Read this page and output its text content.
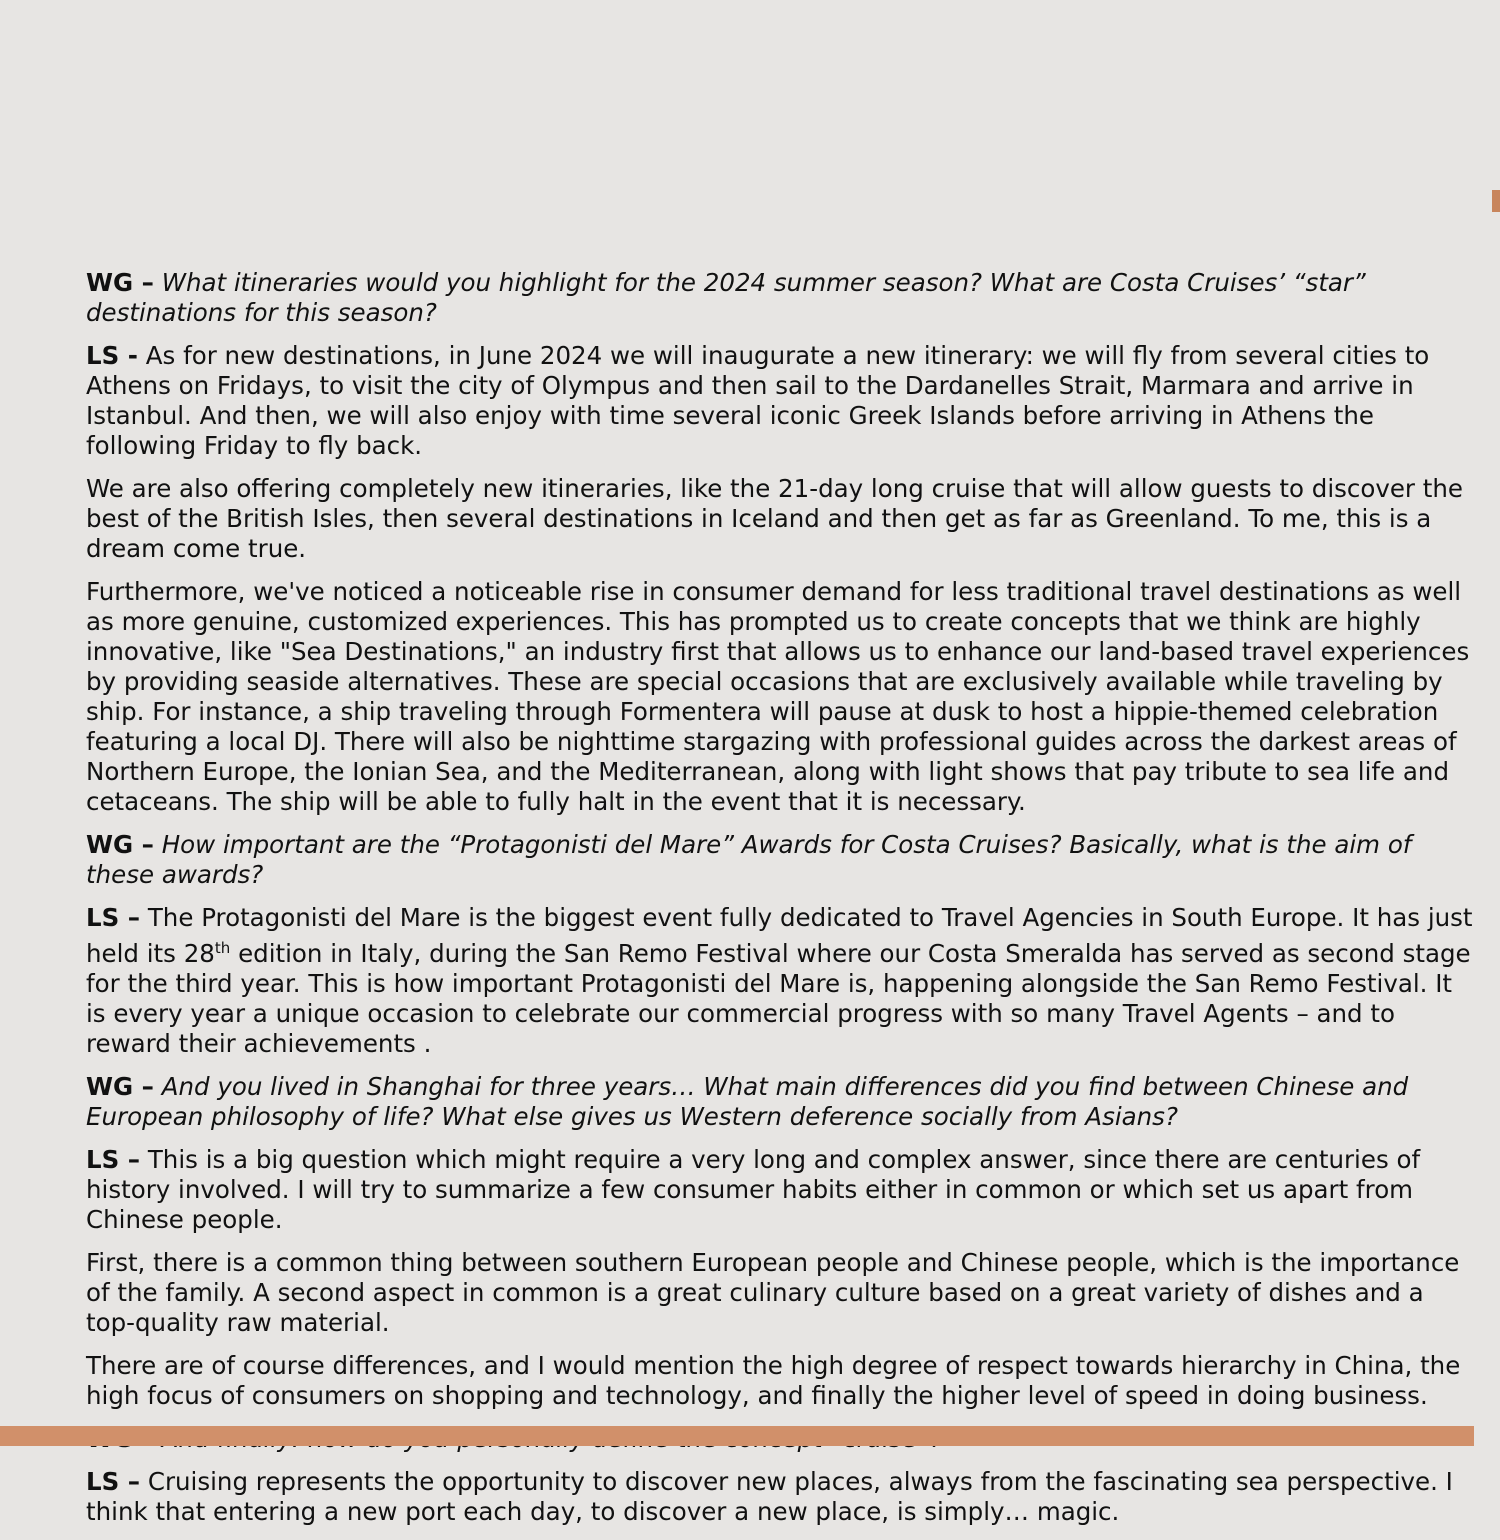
WG – What itineraries would you highlight for the 2024 summer season? What are Costa Cruises’ “star” destinations for this season?

LS - As for new destinations, in June 2024 we will inaugurate a new itinerary: we will fly from several cities to Athens on Fridays, to visit the city of Olympus and then sail to the Dardanelles Strait, Marmara and arrive in Istanbul. And then, we will also enjoy with time several iconic Greek Islands before arriving in Athens the following Friday to fly back.

We are also offering completely new itineraries, like the 21-day long cruise that will allow guests to discover the best of the British Isles, then several destinations in Iceland and then get as far as Greenland. To me, this is a dream come true.

Furthermore, we've noticed a noticeable rise in consumer demand for less traditional travel destinations as well as more genuine, customized experiences. This has prompted us to create concepts that we think are highly innovative, like "Sea Destinations," an industry first that allows us to enhance our land-based travel experiences by providing seaside alternatives. These are special occasions that are exclusively available while traveling by ship. For instance, a ship traveling through Formentera will pause at dusk to host a hippie-themed celebration featuring a local DJ. There will also be nighttime stargazing with professional guides across the darkest areas of Northern Europe, the Ionian Sea, and the Mediterranean, along with light shows that pay tribute to sea life and cetaceans. The ship will be able to fully halt in the event that it is necessary.

WG – How important are the “Protagonisti del Mare” Awards for Costa Cruises? Basically, what is the aim of these awards?

LS – The Protagonisti del Mare is the biggest event fully dedicated to Travel Agencies in South Europe. It has just held its 28th edition in Italy, during the San Remo Festival where our Costa Smeralda has served as second stage for the third year. This is how important Protagonisti del Mare is, happening alongside the San Remo Festival. It is every year a unique occasion to celebrate our commercial progress with so many Travel Agents – and to reward their achievements .

WG – And you lived in Shanghai for three years… What main differences did you find between Chinese and European philosophy of life? What else gives us Western deference socially from Asians?

LS – This is a big question which might require a very long and complex answer, since there are centuries of history involved. I will try to summarize a few consumer habits either in common or which set us apart from Chinese people.

First, there is a common thing between southern European people and Chinese people, which is the importance of the family. A second aspect in common is a great culinary culture based on a great variety of dishes and a top-quality raw material.

There are of course differences, and I would mention the high degree of respect towards hierarchy in China, the high focus of consumers on shopping and technology, and finally the higher level of speed in doing business.

LS – Cruising represents the opportunity to discover new places, always from the fascinating sea perspective. I think that entering a new port each day, to discover a new place, is simply… magic.
